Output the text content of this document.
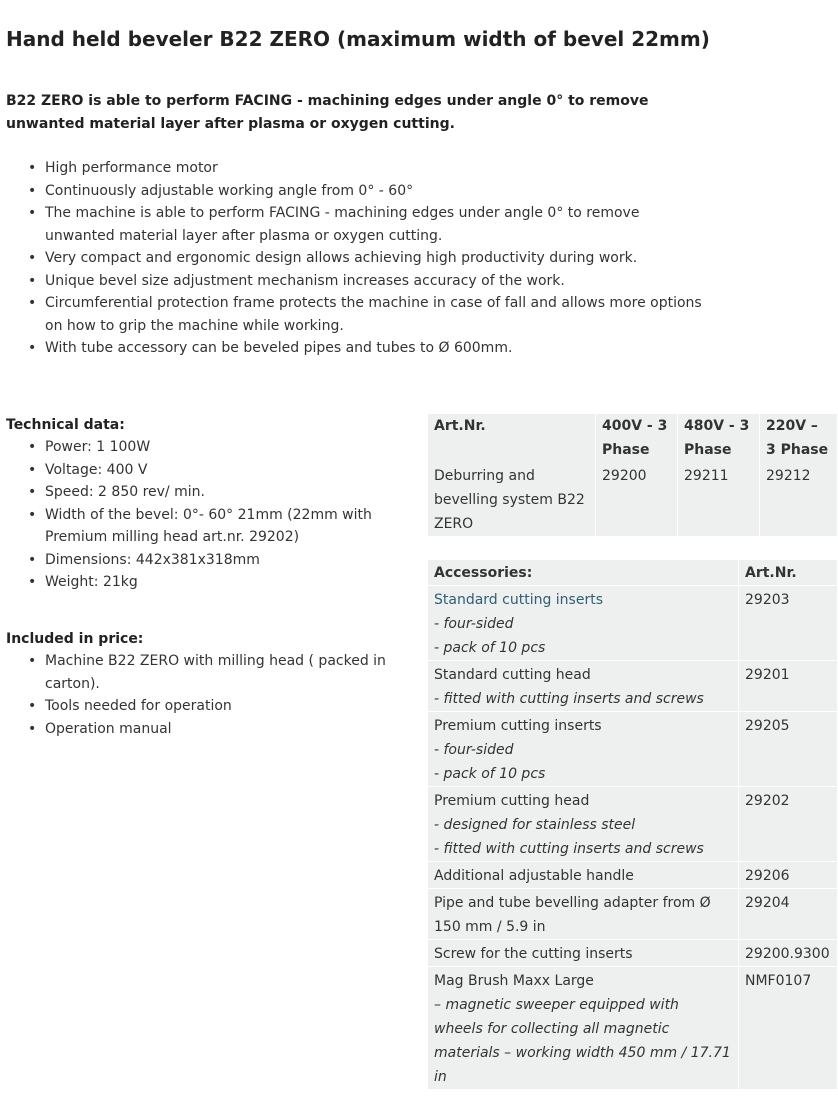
Hand held beveler B22 ZERO (maximum width of bevel 22mm)

B22 ZERO is able to perform FACING - machining edges under angle 0° to remove unwanted material layer after plasma or oxygen cutting.

• High performance motor
• Continuously adjustable working angle from 0° - 60°
• The machine is able to perform FACING - machining edges under angle 0° to remove unwanted material layer after plasma or oxygen cutting.
• Very compact and ergonomic design allows achieving high productivity during work.
• Unique bevel size adjustment mechanism increases accuracy of the work.
• Circumferential protection frame protects the machine in case of fall and allows more options on how to grip the machine while working.
• With tube accessory can be beveled pipes and tubes to Ø 600mm.
Technical data:
• Power: 1 100W
• Voltage: 400 V
• Speed: 2 850 rev/ min.
• Width of the bevel: 0°- 60° 21mm (22mm with Premium milling head art.nr. 29202)
• Dimensions: 442x381x318mm
• Weight: 21kg
Included in price:
• Machine B22 ZERO with milling head ( packed in carton).
• Tools needed for operation
• Operation manual
Art.Nr.	400V - 3 Phase	480V - 3 Phase	220V – 3 Phase
Deburring and bevelling system B22 ZERO	29200	29211	29212
Accessories:	Art.Nr.

Standard cutting inserts
- four-sided
- pack of 10 pcs	29203

Standard cutting head
- fitted with cutting inserts and screws	29201

Premium cutting inserts
- four-sided
- pack of 10 pcs	29205

Premium cutting head
- designed for stainless steel
- fitted with cutting inserts and screws	29202

Additional adjustable handle	29206

Pipe and tube bevelling adapter from Ø 150 mm / 5.9 in	29204

Screw for the cutting inserts	29200.9300

Mag Brush Maxx Large
– magnetic sweeper equipped with wheels for collecting all magnetic materials – working width 450 mm / 17.71 in	NMF0107
